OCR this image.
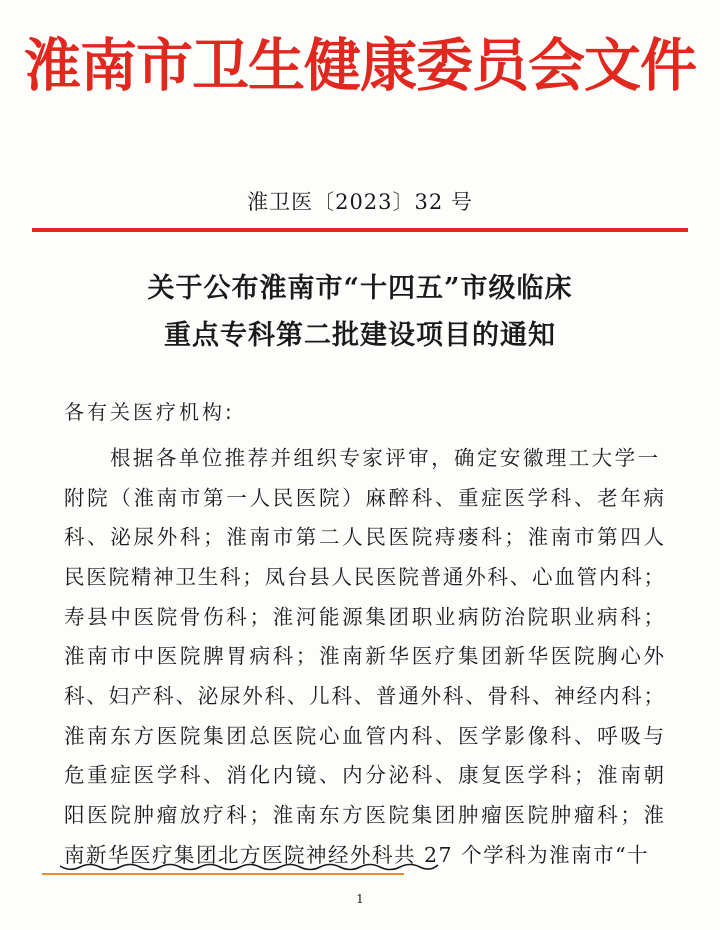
淮南市卫生健康委员会文件
淮卫医〔2023〕32 号
关于公布淮南市“十四五”市级临床
重点专科第二批建设项目的通知
各有关医疗机构:
根据各单位推荐并组织专家评审，确定安徽理工大学一
附院（淮南市第一人民医院）麻醉科、重症医学科、老年病
科、泌尿外科；淮南市第二人民医院痔瘘科；淮南市第四人
民医院精神卫生科；凤台县人民医院普通外科、心血管内科；
寿县中医院骨伤科；淮河能源集团职业病防治院职业病科；
淮南市中医院脾胃病科；淮南新华医疗集团新华医院胸心外
科、妇产科、泌尿外科、儿科、普通外科、骨科、神经内科；
淮南东方医院集团总医院心血管内科、医学影像科、呼吸与
危重症医学科、消化内镜、内分泌科、康复医学科；淮南朝
阳医院肿瘤放疗科；淮南东方医院集团肿瘤医院肿瘤科；淮
南新华医疗集团北方医院神经外科共 27 个学科为淮南市“十
1
